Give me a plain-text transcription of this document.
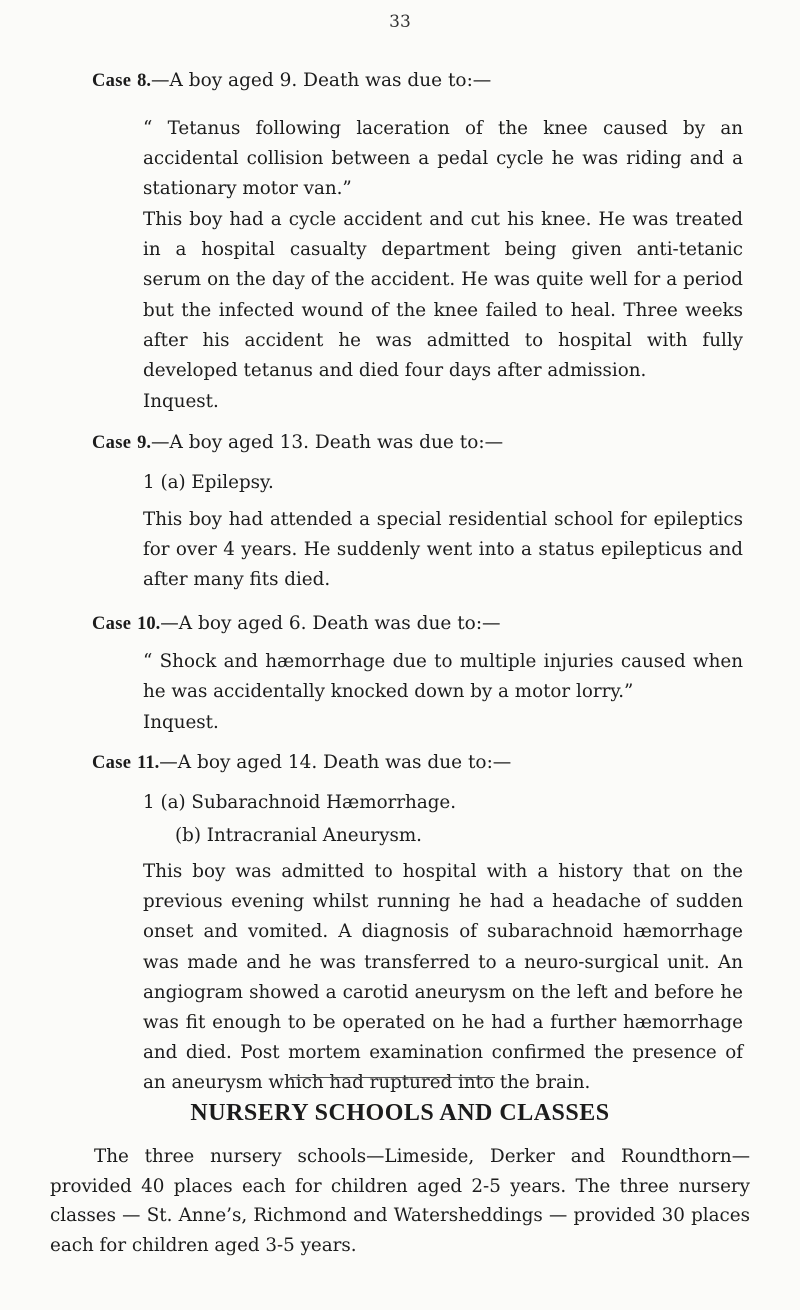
33
Case 8.—A boy aged 9. Death was due to:—

“ Tetanus following laceration of the knee caused by an accidental collision between a pedal cycle he was riding and a stationary motor van.”

This boy had a cycle accident and cut his knee. He was treated in a hospital casualty department being given anti-tetanic serum on the day of the accident. He was quite well for a period but the infected wound of the knee failed to heal. Three weeks after his accident he was admitted to hospital with fully developed tetanus and died four days after admission.

Inquest.
Case 9.—A boy aged 13. Death was due to:—
1 (a) Epilepsy.

This boy had attended a special residential school for epileptics for over 4 years. He suddenly went into a status epilepticus and after many fits died.

Case 10.—A boy aged 6. Death was due to:—

“ Shock and hæmorrhage due to multiple injuries caused when he was accidentally knocked down by a motor lorry.”

Inquest.
Case 11.—A boy aged 14. Death was due to:—
1 (a) Subarachnoid Hæmorrhage.
(b) Intracranial Aneurysm.

This boy was admitted to hospital with a history that on the previous evening whilst running he had a headache of sudden onset and vomited. A diagnosis of subarachnoid hæmorrhage was made and he was transferred to a neuro-surgical unit. An angiogram showed a carotid aneurysm on the left and before he was fit enough to be operated on he had a further hæmorrhage and died. Post mortem examination confirmed the presence of an aneurysm which had ruptured into the brain.

NURSERY SCHOOLS AND CLASSES

The three nursery schools—Limeside, Derker and Roundthorn—provided 40 places each for children aged 2-5 years. The three nursery classes — St. Anne’s, Richmond and Watersheddings — provided 30 places each for children aged 3-5 years.
